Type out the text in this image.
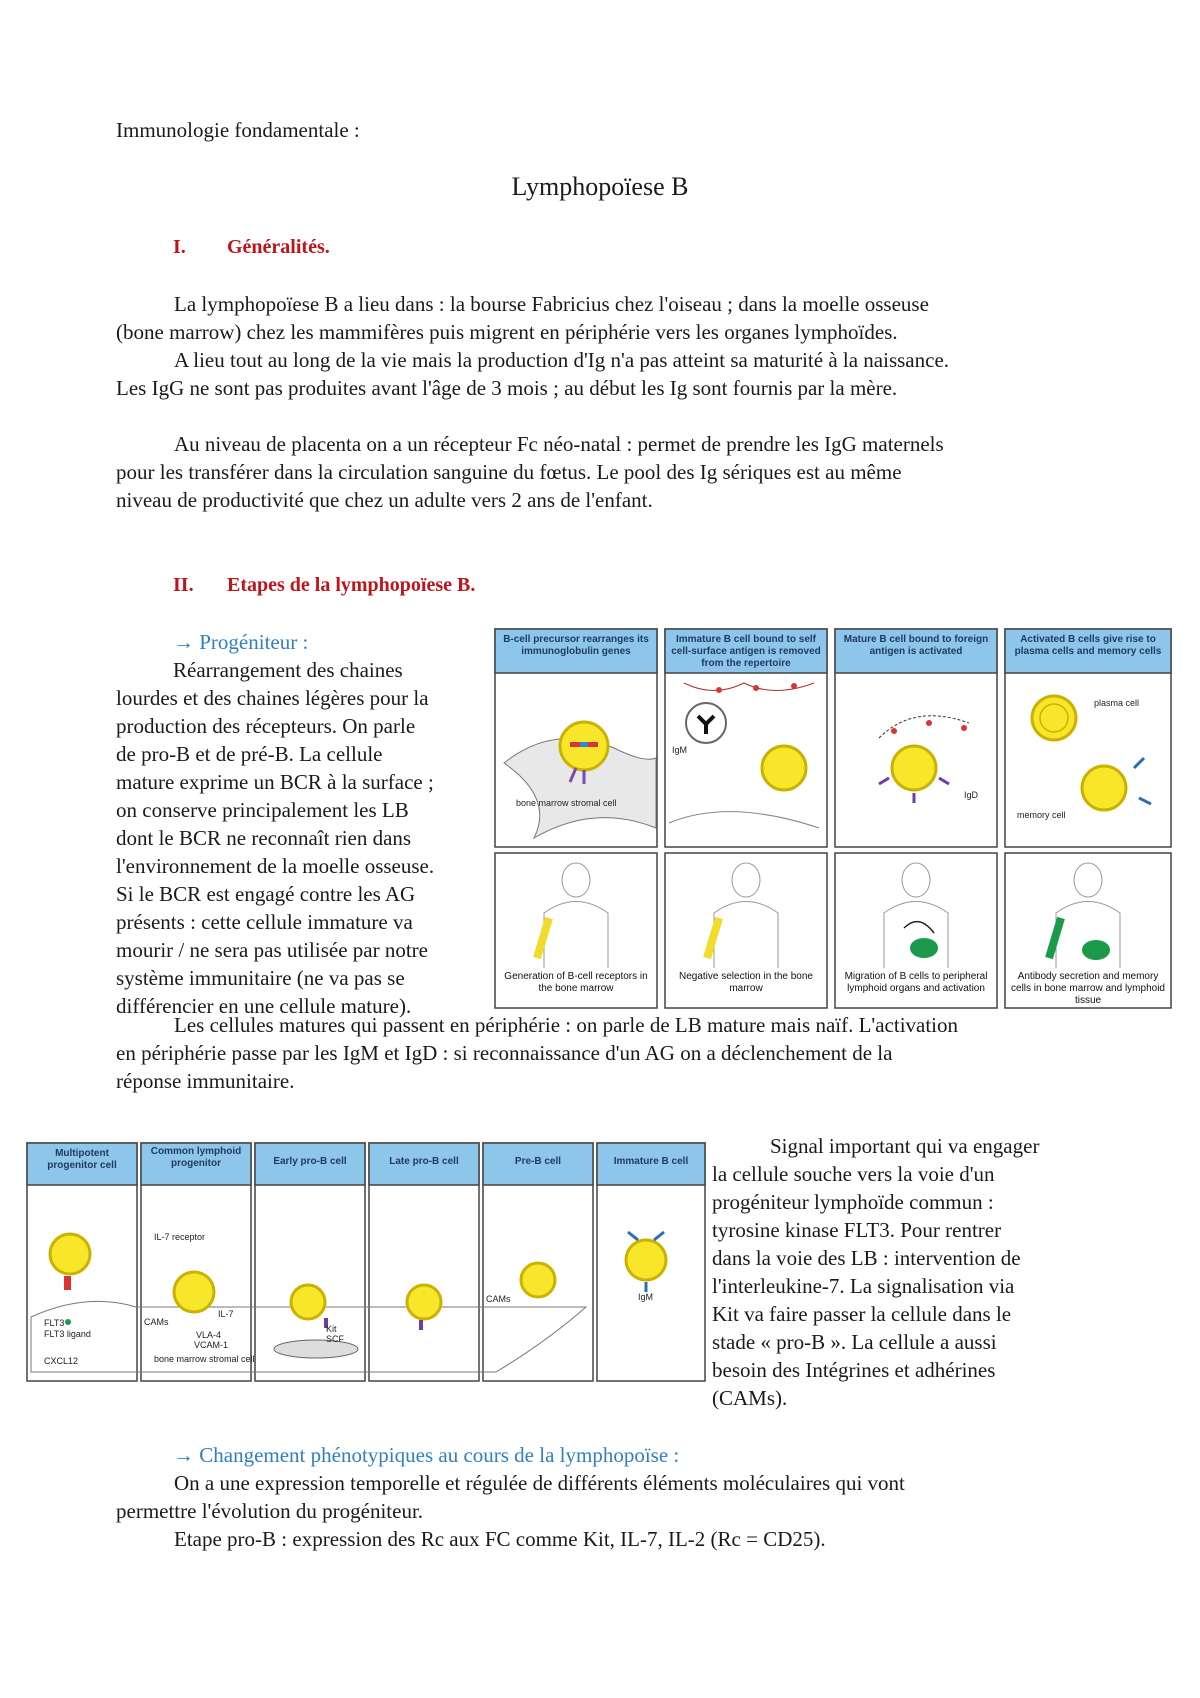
Immunologie fondamentale :
Lymphopoïese B
I. Généralités.
La lymphopoïese B a lieu dans : la bourse Fabricius chez l'oiseau ; dans la moelle osseuse
(bone marrow) chez les mammifères puis migrent en périphérie vers les organes lymphoïdes.
A lieu tout au long de la vie mais la production d'Ig n'a pas atteint sa maturité à la naissance.
Les IgG ne sont pas produites avant l'âge de 3 mois ; au début les Ig sont fournis par la mère.
Au niveau de placenta on a un récepteur Fc néo-natal : permet de prendre les IgG maternels
pour les transférer dans la circulation sanguine du fœtus. Le pool des Ig sériques est au même
niveau de productivité que chez un adulte vers 2 ans de l'enfant.
II. Etapes de la lymphopoïese B.
→ Progéniteur :
Réarrangement des chaines
lourdes et des chaines légères pour la
production des récepteurs. On parle
de pro-B et de pré-B. La cellule
mature exprime un BCR à la surface ;
on conserve principalement les LB
dont le BCR ne reconnaît rien dans
l'environnement de la moelle osseuse.
Si le BCR est engagé contre les AG
présents : cette cellule immature va
mourir / ne sera pas utilisée par notre
système immunitaire (ne va pas se
différencier en une cellule mature).
bone marrow stromal cell
IgM
IgD
plasma cell
memory cell
B-cell precursor rearranges its immunoglobulin genes
Immature B cell bound to self cell-surface antigen is removed from the repertoire
Mature B cell bound to foreign antigen is activated
Activated B cells give rise to plasma cells and memory cells
Generation of B-cell receptors in the bone marrow
Negative selection in the bone marrow
Migration of B cells to peripheral lymphoid organs and activation
Antibody secretion and memory cells in bone marrow and lymphoid tissue
Les cellules matures qui passent en périphérie : on parle de LB mature mais naïf. L'activation
en périphérie passe par les IgM et IgD : si reconnaissance d'un AG on a déclenchement de la
réponse immunitaire.
FLT3
FLT3 ligand
CXCL12
IL-7 receptor
IL-7
CAMs
VLA-4
VCAM-1
bone marrow stromal cell
Kit
SCF
CAMs	IgM
Multipotent progenitor cell
Common lymphoid progenitor	Early pro-B cell	Late pro-B cell	Pre-B cell	Immature B cell
Signal important qui va engager
la cellule souche vers la voie d'un
progéniteur lymphoïde commun :
tyrosine kinase FLT3. Pour rentrer
dans la voie des LB : intervention de
l'interleukine-7. La signalisation via
Kit va faire passer la cellule dans le
stade « pro-B ». La cellule a aussi
besoin des Intégrines et adhérines
(CAMs).
→ Changement phénotypiques au cours de la lymphopoïse :
On a une expression temporelle et régulée de différents éléments moléculaires qui vont
permettre l'évolution du progéniteur.
Etape pro-B : expression des Rc aux FC comme Kit, IL-7, IL-2 (Rc = CD25).
